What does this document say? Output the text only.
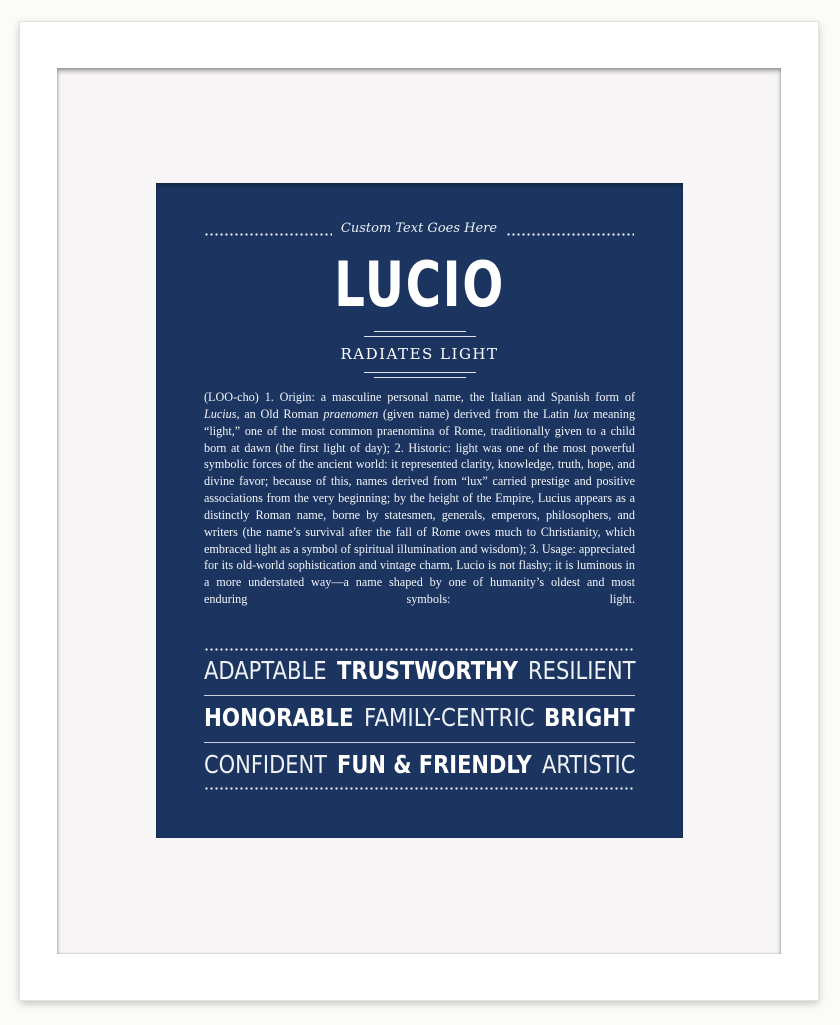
Custom Text Goes Here
LUCIO
RADIATES LIGHT
(LOO-cho) 1. Origin: a masculine personal name, the Italian and Spanish form of Lucius, an Old Roman praenomen (given name) derived from the Latin lux meaning “light,” one of the most common praenomina of Rome, traditionally given to a child born at dawn (the first light of day); 2. Historic: light was one of the most powerful symbolic forces of the ancient world: it represented clarity, knowledge, truth, hope, and divine favor; because of this, names derived from “lux” carried prestige and positive associations from the very beginning; by the height of the Empire, Lucius appears as a distinctly Roman name, borne by statesmen, generals, emperors, philosophers, and writers (the name’s survival after the fall of Rome owes much to Christianity, which embraced light as a symbol of spiritual illumination and wisdom); 3. Usage: appreciated for its old-world sophistication and vintage charm, Lucio is not flashy; it is luminous in a more understated way—a name shaped by one of humanity’s oldest and most enduring symbols: light.
ADAPTABLE TRUSTWORTHY RESILIENT
HONORABLE FAMILY-CENTRIC BRIGHT
CONFIDENT FUN & FRIENDLY ARTISTIC
